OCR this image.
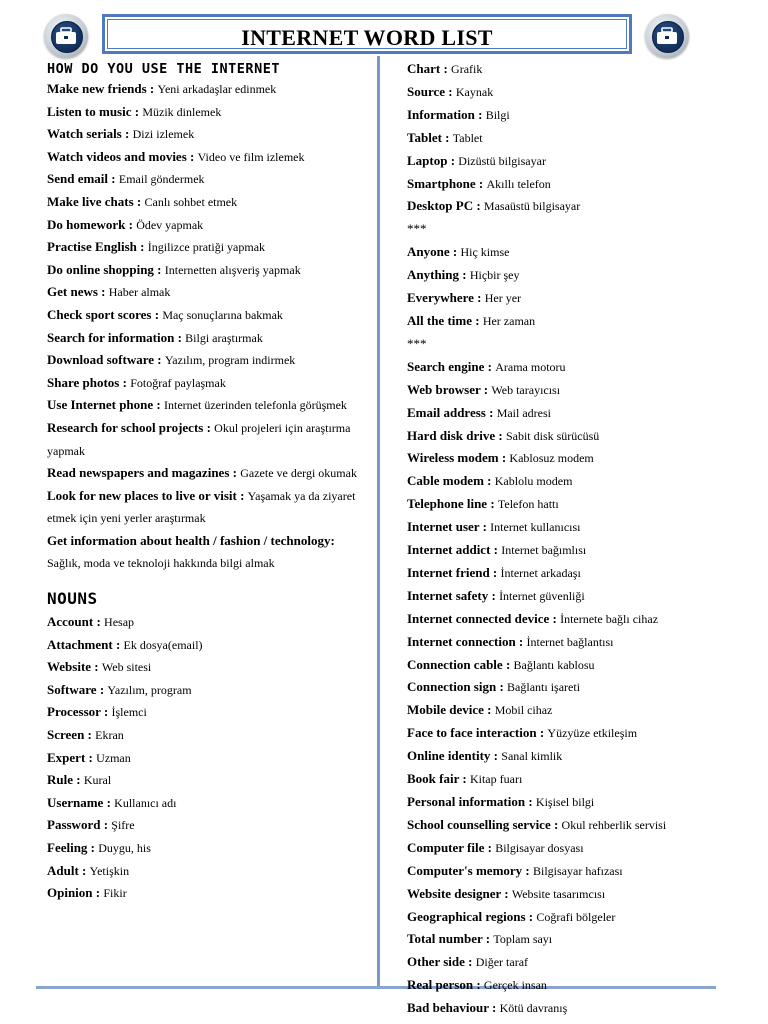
INTERNET WORD LIST
HOW DO YOU USE THE INTERNET
Make new friends : Yeni arkadaşlar edinmek
Listen to music : Müzik dinlemek
Watch serials : Dizi izlemek
Watch videos and movies : Video ve film izlemek
Send email : Email göndermek
Make live chats : Canlı sohbet etmek
Do homework : Ödev yapmak
Practise English : İngilizce pratiği yapmak
Do online shopping : Internetten alışveriş yapmak
Get news : Haber almak
Check sport scores : Maç sonuçlarına bakmak
Search for information : Bilgi araştırmak
Download software : Yazılım, program indirmek
Share photos : Fotoğraf paylaşmak
Use Internet phone : Internet üzerinden telefonla görüşmek
Research for school projects : Okul projeleri için araştırma yapmak
Read newspapers and magazines : Gazete ve dergi okumak
Look for new places to live or visit : Yaşamak ya da ziyaret etmek için yeni yerler araştırmak
Get information about health / fashion / technology: Sağlık, moda ve teknoloji hakkında bilgi almak
NOUNS
Account : Hesap
Attachment : Ek dosya(email)
Website : Web sitesi
Software : Yazılım, program
Processor : İşlemci
Screen : Ekran
Expert : Uzman
Rule : Kural
Username : Kullanıcı adı
Password : Şifre
Feeling : Duygu, his
Adult : Yetişkin
Opinion : Fikir
Chart : Grafik
Source : Kaynak
Information : Bilgi
Tablet : Tablet
Laptop : Dizüstü bilgisayar
Smartphone : Akıllı telefon
Desktop PC : Masaüstü bilgisayar
***
Anyone : Hiç kimse
Anything : Hiçbir şey
Everywhere : Her yer
All the time : Her zaman
***
Search engine : Arama motoru
Web browser : Web tarayıcısı
Email address : Mail adresi
Hard disk drive : Sabit disk sürücüsü
Wireless modem : Kablosuz modem
Cable modem : Kablolu modem
Telephone line : Telefon hattı
Internet user : Internet kullanıcısı
Internet addict : Internet bağımlısı
Internet friend : İnternet arkadaşı
Internet safety : İnternet güvenliği
Internet connected device : İnternete bağlı cihaz
Internet connection : İnternet bağlantısı
Connection cable : Bağlantı kablosu
Connection sign : Bağlantı işareti
Mobile device : Mobil cihaz
Face to face interaction : Yüzyüze etkileşim
Online identity : Sanal kimlik
Book fair : Kitap fuarı
Personal information : Kişisel bilgi
School counselling service : Okul rehberlik servisi
Computer file : Bilgisayar dosyası
Computer's memory : Bilgisayar hafızası
Website designer : Website tasarımcısı
Geographical regions : Coğrafi bölgeler
Total number : Toplam sayı
Other side : Diğer taraf
Real person : Gerçek insan
Bad behaviour : Kötü davranış
